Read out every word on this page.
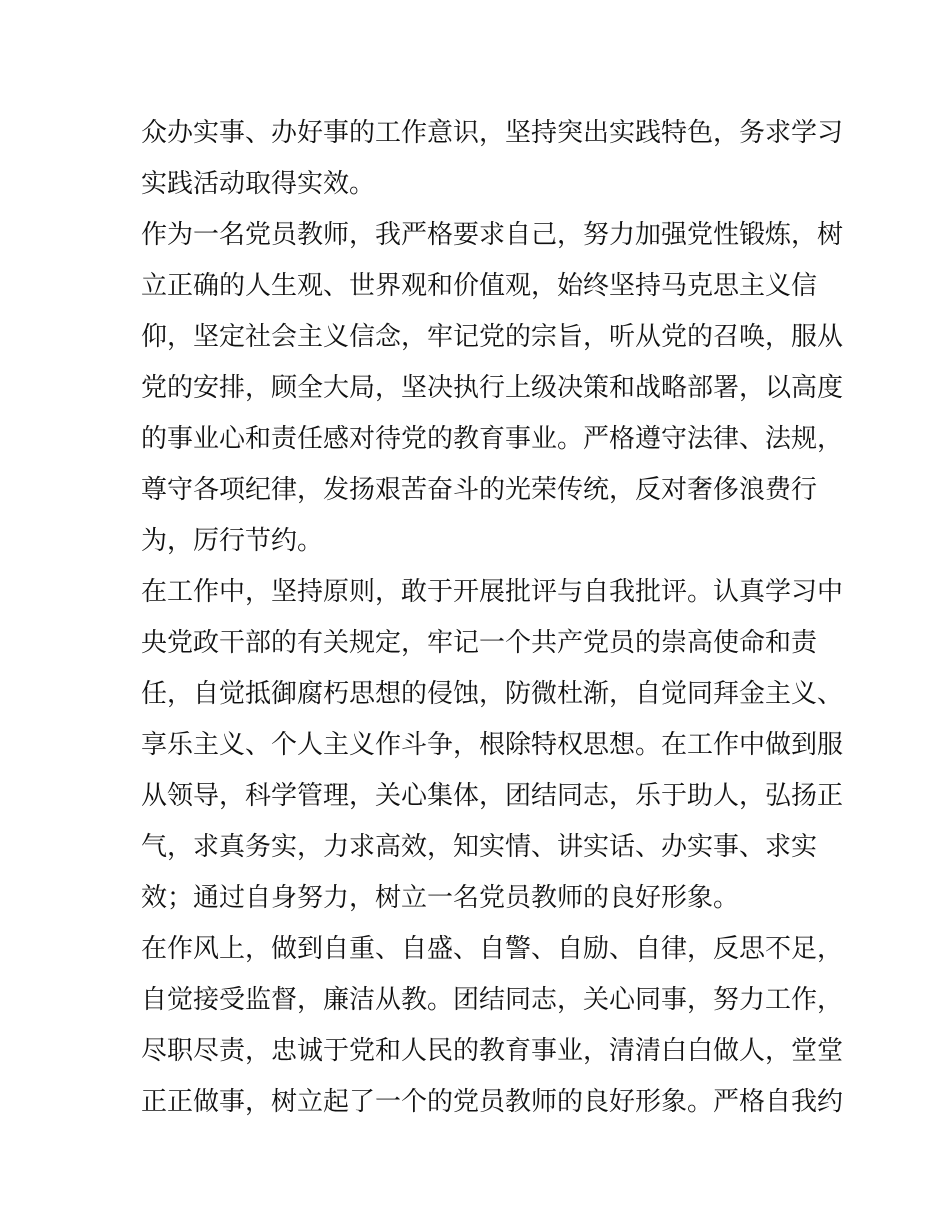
众办实事、办好事的工作意识，坚持突出实践特色，务求学习
实践活动取得实效。
作为一名党员教师，我严格要求自己，努力加强党性锻炼，树
立正确的人生观、世界观和价值观，始终坚持马克思主义信
仰，坚定社会主义信念，牢记党的宗旨，听从党的召唤，服从
党的安排，顾全大局，坚决执行上级决策和战略部署，以高度
的事业心和责任感对待党的教育事业。严格遵守法律、法规，
尊守各项纪律，发扬艰苦奋斗的光荣传统，反对奢侈浪费行
为，厉行节约。
在工作中，坚持原则，敢于开展批评与自我批评。认真学习中
央党政干部的有关规定，牢记一个共产党员的崇高使命和责
任，自觉抵御腐朽思想的侵蚀，防微杜渐，自觉同拜金主义、
享乐主义、个人主义作斗争，根除特权思想。在工作中做到服
从领导，科学管理，关心集体，团结同志，乐于助人，弘扬正
气，求真务实，力求高效，知实情、讲实话、办实事、求实
效；通过自身努力，树立一名党员教师的良好形象。
在作风上，做到自重、自盛、自警、自励、自律，反思不足，
自觉接受监督，廉洁从教。团结同志，关心同事，努力工作，
尽职尽责，忠诚于党和人民的教育事业，清清白白做人，堂堂
正正做事，树立起了一个的党员教师的良好形象。严格自我约
